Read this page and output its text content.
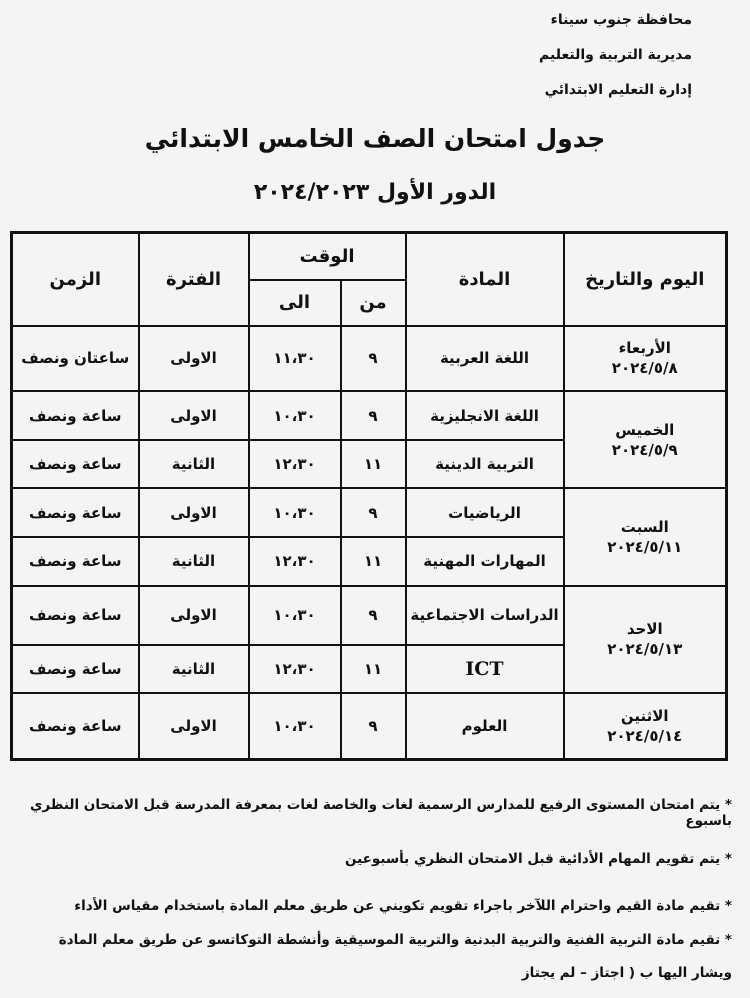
محافظة جنوب سيناء
مديرية التربية والتعليم
إدارة التعليم الابتدائي
جدول امتحان الصف الخامس الابتدائي
الدور الأول ٢٠٢٤/٢٠٢٣
اليوم والتاريخ	المادة	الوقت		الفترة	الزمن
		من	الى		

الأربعاء
٢٠٢٤/٥/٨	اللغة العربية	٩	١١،٣٠	الاولى	ساعتان ونصف

الخميس
٢٠٢٤/٥/٩	اللغة الانجليزية	٩	١٠،٣٠	الاولى	ساعة ونصف
	التربية الدينية	١١	١٢،٣٠	الثانية	ساعة ونصف

السبت
٢٠٢٤/٥/١١	الرياضيات	٩	١٠،٣٠	الاولى	ساعة ونصف
	المهارات المهنية	١١	١٢،٣٠	الثانية	ساعة ونصف

الاحد
٢٠٢٤/٥/١٣	الدراسات الاجتماعية	٩	١٠،٣٠	الاولى	ساعة ونصف
	ICT	١١	١٢،٣٠	الثانية	ساعة ونصف

الاثنين
٢٠٢٤/٥/١٤	العلوم	٩	١٠،٣٠	الاولى	ساعة ونصف
* يتم امتحان المستوى الرفيع للمدارس الرسمية لغات والخاصة لغات بمعرفة المدرسة قبل الامتحان النظري باسبوع
* يتم تقويم المهام الأدائية قبل الامتحان النظري بأسبوعين
* تقيم مادة القيم واحترام اللآخر باجراء تقويم تكويني عن طريق معلم المادة باستخدام مقياس الأداء
* تقيم مادة التربية الفنية والتربية البدنية والتربية الموسيقية وأنشطة التوكاتسو عن طريق معلم المادة
ويشار اليها ب ( اجتاز – لم يجتاز
